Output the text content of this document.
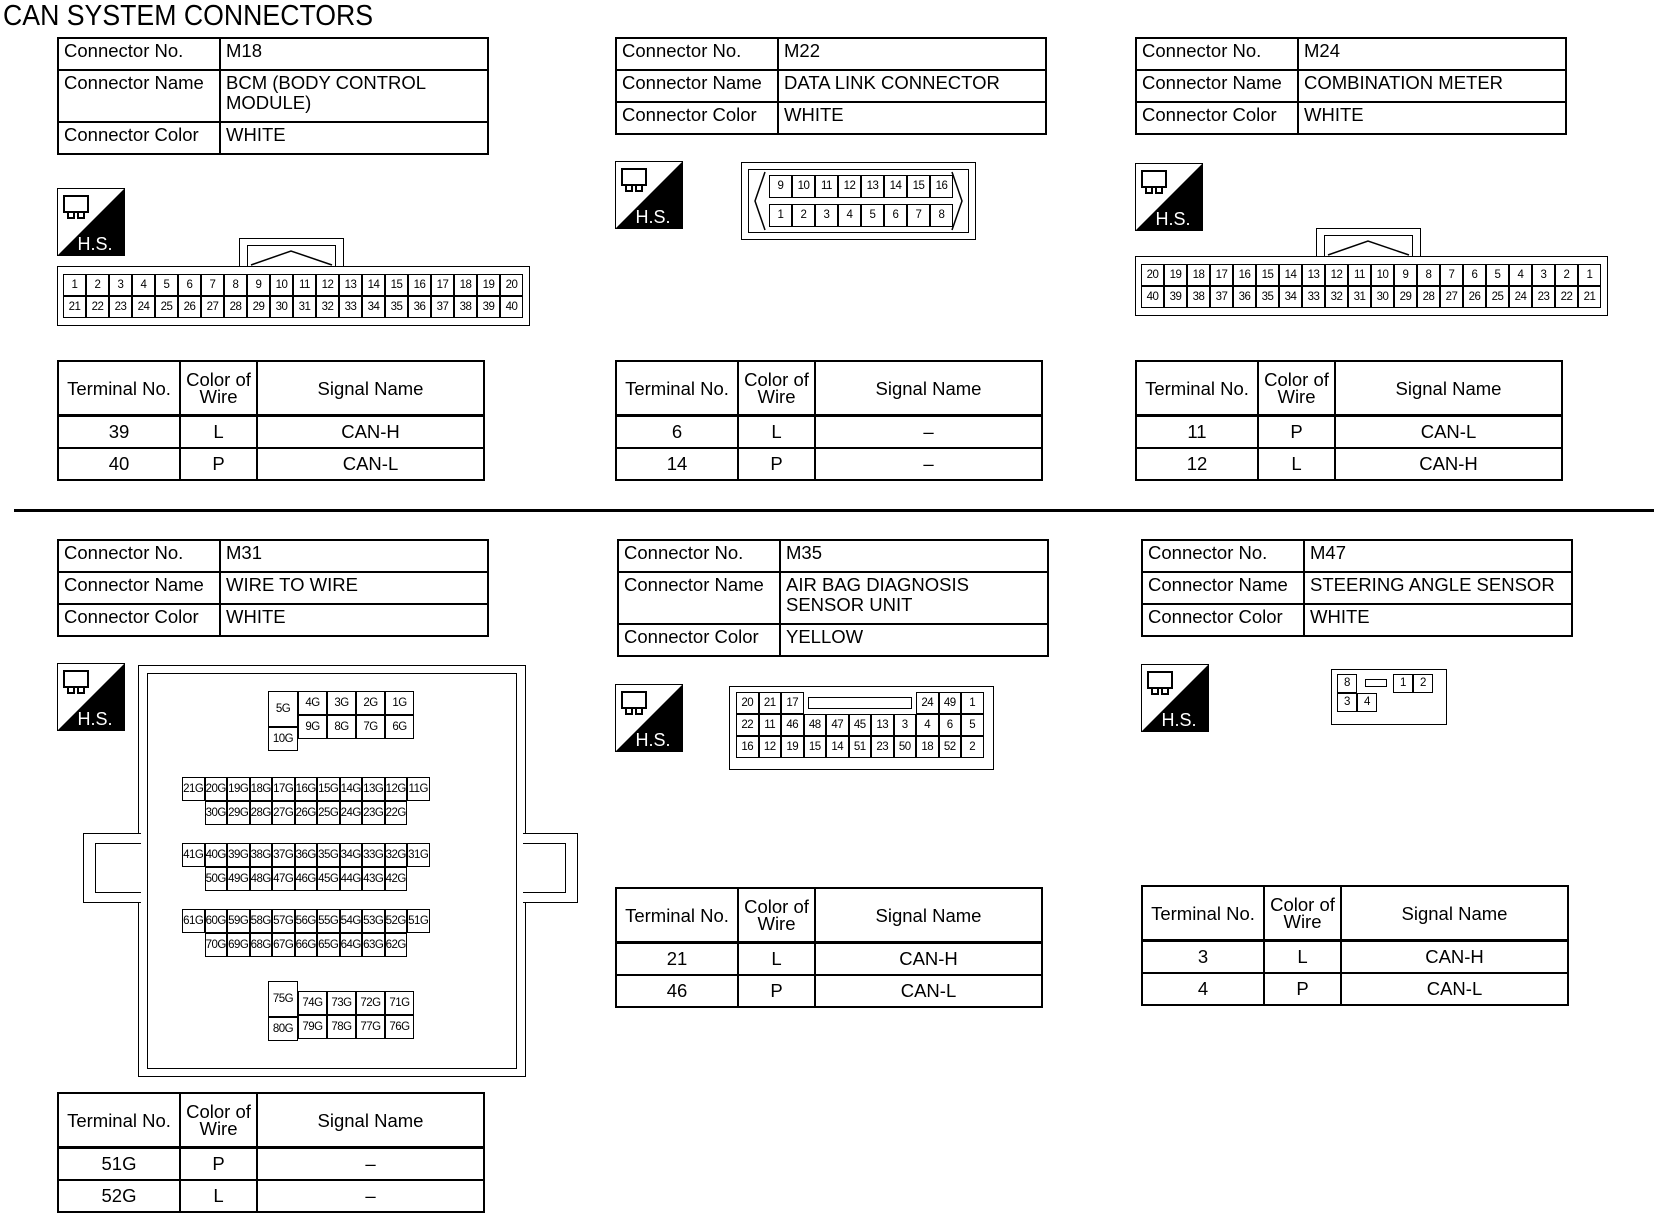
CAN SYSTEM CONNECTORS
Connector No.	M18
Connector Name	BCM (BODY CONTROL MODULE)

Connector Color	WHITE
Connector No.	M22
Connector Name	DATA LINK CONNECTOR
Connector Color	WHITE
Connector No.	M24
Connector Name	COMBINATION METER
Connector Color	WHITE
Connector No.	M31
Connector Name	WIRE TO WIRE
Connector Color	WHITE
Connector No.	M35
Connector Name	AIR BAG DIAGNOSIS SENSOR UNIT

Connector Color	YELLOW
Connector No.	M47
Connector Name	STEERING ANGLE SENSOR
Connector Color	WHITE
H.S.
H.S.	H.S.
H.S.
H.S.
H.S.
1	2	3	4	5	6	7	8	9	10	11	12 13 14 15 16 17 18 19 20
21 22 23 24 25 26 27 28 29 30 31 32 33 34 35 36 37 38 39 40
9	10	11	12 13 14 15 16
1	2	3	4	5	6	7	8
20 19 18 17 16 15 14 13 12	11	10	9	8	7	6	5	4	3	2	1
40 39 38 37 36 35 34 33 32 31 30 29 28 27 26 25 24 23 22 21
5G
10G
4G	3G	2G	1G
9G	8G	7G	6G
21G 20G 19G 18G 17G 16G 15G 14G 13G 12G 11G
30G 29G 28G 27G 26G 25G 24G 23G 22G
41G 40G 39G 38G 37G 36G 35G 34G 33G 32G 31G
50G 49G 48G 47G 46G 45G 44G 43G 42G
61G 60G 59G 58G 57G 56G 55G 54G 53G 52G 51G
70G 69G 68G 67G 66G 65G 64G 63G 62G
75G
80G
74G 73G 72G 71G
79G 78G 77G 76G
20 21 17	24 49	1
22 11 46 48 47 45 13	3	4	6	5
16 12 19 15 14 51 23 50 18 52	2
8	1	2
3	4
Terminal No.	Color of Wire	Signal Name
39	L	CAN-H
40	P	CAN-L
Terminal No.	Color of Wire	Signal Name
6	L	–
14	P	–
Terminal No.	Color of Wire	Signal Name
11	P	CAN-L
12	L	CAN-H
Terminal No.	Color of Wire	Signal Name
51G	P	–
52G	L	–
Terminal No.	Color of Wire	Signal Name
21	L	CAN-H
46	P	CAN-L
Terminal No.	Color of Wire	Signal Name
3	L	CAN-H
4	P	CAN-L
